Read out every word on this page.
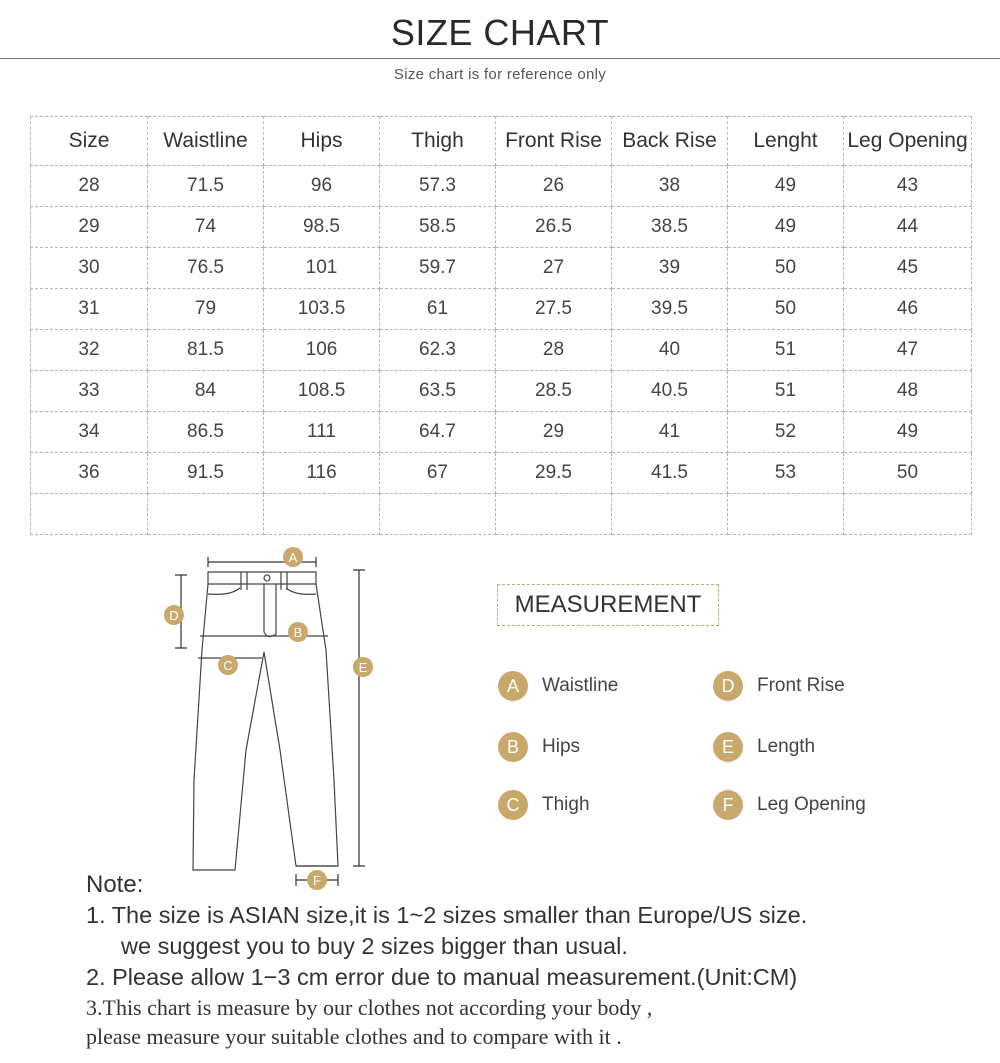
SIZE CHART
Size chart is for reference only
Size	Waistline	Hips	Thigh	Front Rise	Back Rise	Lenght	Leg Opening
28	71.5	96	57.3	26	38	49	43
29	74	98.5	58.5	26.5	38.5	49	44
30	76.5	101	59.7	27	39	50	45
31	79	103.5	61	27.5	39.5	50	46
32	81.5	106	62.3	28	40	51	47
33	84	108.5	63.5	28.5	40.5	51	48
34	86.5	111	64.7	29	41	52	49
36	91.5	116	67	29.5	41.5	53	50

A
B
C
D
E
F
MEASUREMENT
A	Waistline	D	Front Rise
B	Hips	E	Length
C	Thigh	F	Leg Opening
Note:
1. The size is ASIAN size,it is 1~2 sizes smaller than Europe/US size.
we suggest you to buy 2 sizes bigger than usual.
2. Please allow 1−3 cm error due to manual measurement.(Unit:CM)
3.This chart is measure by our clothes not according your body ,
please measure your suitable clothes and to compare with it .
